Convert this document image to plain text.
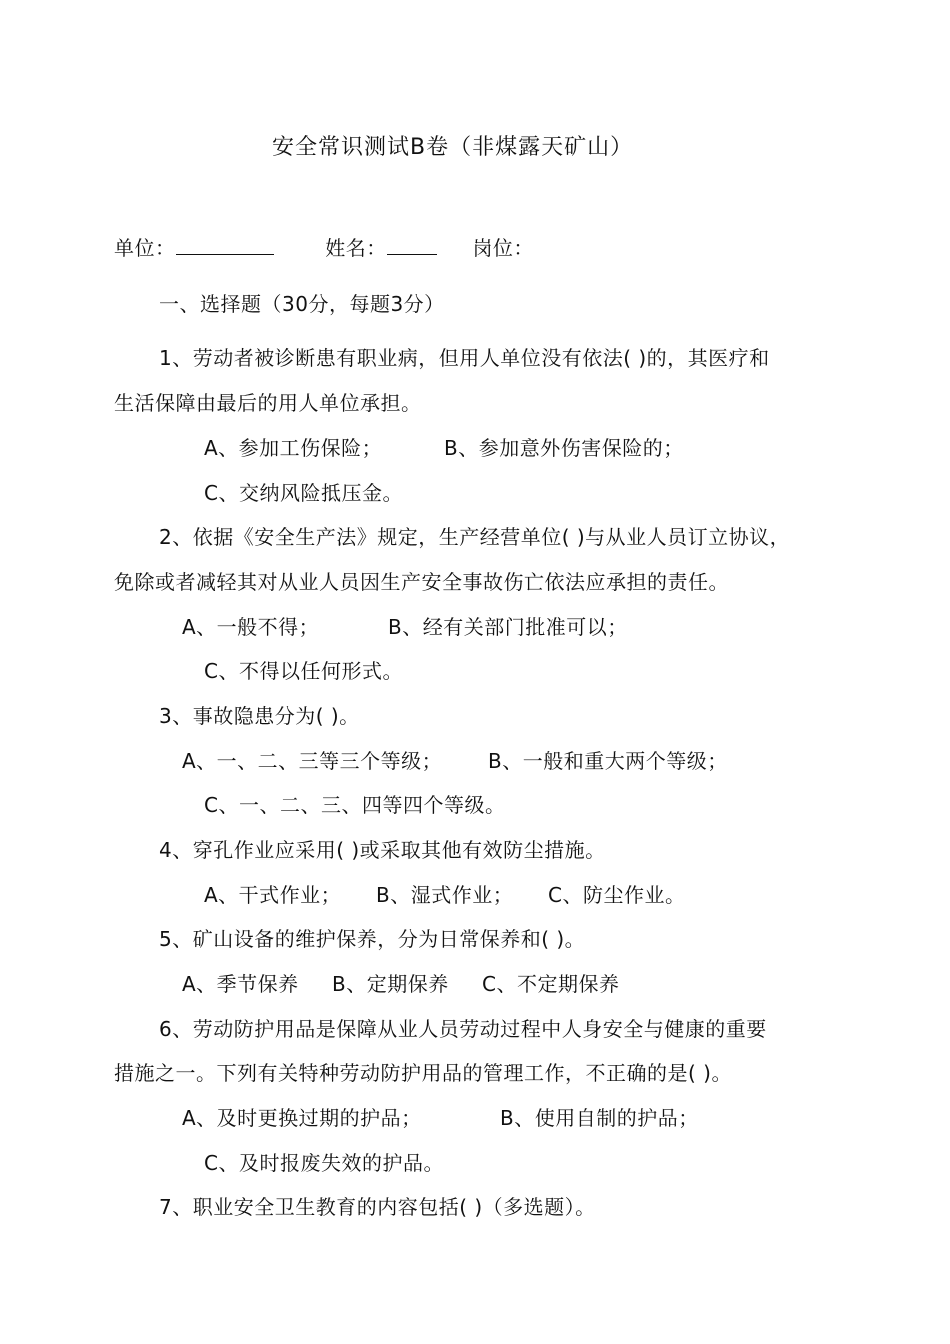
安全常识测试B卷（非煤露天矿山）
单位：	姓名：	岗位：
一、选择题（30分，每题3分）
1、劳动者被诊断患有职业病，但用人单位没有依法( )的，其医疗和
生活保障由最后的用人单位承担。
A、参加工伤保险；	B、参加意外伤害保险的；
C、交纳风险抵压金。
2、依据《安全生产法》规定，生产经营单位( )与从业人员订立协议，
免除或者减轻其对从业人员因生产安全事故伤亡依法应承担的责任。
A、一般不得；	B、经有关部门批准可以；
C、不得以任何形式。
3、事故隐患分为( )。
A、一、二、三等三个等级； B、一般和重大两个等级；
C、一、二、三、四等四个等级。
4、穿孔作业应采用( )或采取其他有效防尘措施。
A、干式作业； B、湿式作业； C、防尘作业。
5、矿山设备的维护保养，分为日常保养和( )。
A、季节保养 B、定期保养 C、不定期保养
6、劳动防护用品是保障从业人员劳动过程中人身安全与健康的重要
措施之一。下列有关特种劳动防护用品的管理工作，不正确的是( )。
A、及时更换过期的护品；	B、使用自制的护品；
C、及时报废失效的护品。
7、职业安全卫生教育的内容包括( )（多选题）。
